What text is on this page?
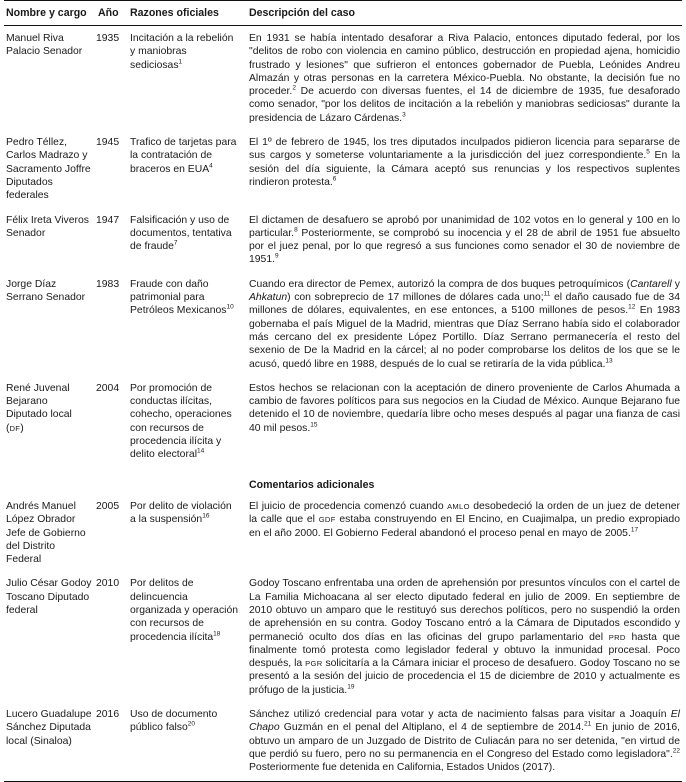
Nombre y cargo	Año	Razones oficiales	Descripción del caso
Manuel Riva Palacio Senador	1935	Incitación a la rebelión y maniobras sediciosas$^1$	En 1931 se había intentado desaforar a Riva Palacio, entonces diputado federal, por los "delitos de robo con violencia en camino público, destrucción en propiedad ajena, homicidio frustrado y lesiones" que sufrieron el entonces gobernador de Puebla, Leónides Andreu Almazán y otras personas en la carretera México-Puebla. No obstante, la decisión fue no proceder.$^2$ De acuerdo con diversas fuentes, el 14 de diciembre de 1935, fue desaforado como senador, "por los delitos de incitación a la rebelión y maniobras sediciosas" durante la presidencia de Lázaro Cárdenas.$^3$
Pedro Téllez, Carlos Madrazo y Sacramento Joffre Diputados federales	1945	Trafico de tarjetas para la contratación de braceros en EUA$^4$	El 1º de febrero de 1945, los tres diputados inculpados pidieron licencia para separarse de sus cargos y someterse voluntariamente a la jurisdicción del juez correspondiente.$^5$ En la sesión del día siguiente, la Cámara aceptó sus renuncias y los respectivos suplentes rindieron protesta.$^6$
Félix Ireta Viveros Senador	1947	Falsificación y uso de documentos, tentativa de fraude$^7$	El dictamen de desafuero se aprobó por unanimidad de 102 votos en lo general y 100 en lo particular.$^8$ Posteriormente, se comprobó su inocencia y el 28 de abril de 1951 fue absuelto por el juez penal, por lo que regresó a sus funciones como senador el 30 de noviembre de 1951.$^9$
Jorge Díaz Serrano Senador	1983	Fraude con daño patrimonial para Petróleos Mexicanos$^{10}$	Cuando era director de Pemex, autorizó la compra de dos buques petroquímicos (Cantarell y Ahkatun) con sobreprecio de 17 millones de dólares cada uno;$^{11}$ el daño causado fue de 34 millones de dólares, equivalentes, en ese entonces, a 5100 millones de pesos.$^{12}$ En 1983 gobernaba el país Miguel de la Madrid, mientras que Díaz Serrano había sido el colaborador más cercano del ex presidente López Portillo. Díaz Serrano permanecería el resto del sexenio de De la Madrid en la cárcel; al no poder comprobarse los delitos de los que se le acusó, quedó libre en 1988, después de lo cual se retiraría de la vida pública.$^{13}$
René Juvenal Bejarano Diputado local (DF)	2004	Por promoción de conductas ilícitas, cohecho, operaciones con recursos de procedencia ilícita y delito electoral$^{14}$	Estos hechos se relacionan con la aceptación de dinero proveniente de Carlos Ahumada a cambio de favores políticos para sus negocios en la Ciudad de México. Aunque Bejarano fue detenido el 10 de noviembre, quedaría libre ocho meses después al pagar una fianza de casi 40 mil pesos.$^{15}$
			Comentarios adicionales
Andrés Manuel López Obrador Jefe de Gobierno del Distrito Federal	2005	Por delito de violación a la suspensión$^{16}$	El juicio de procedencia comenzó cuando AMLO desobedeció la orden de un juez de detener la calle que el GDF estaba construyendo en El Encino, en Cuajimalpa, un predio expropiado en el año 2000. El Gobierno Federal abandonó el proceso penal en mayo de 2005.17
Julio César Godoy Toscano Diputado federal	2010	Por delitos de delincuencia organizada y operación con recursos de procedencia ilícita$^{18}$	Godoy Toscano enfrentaba una orden de aprehensión por presuntos vínculos con el cartel de La Familia Michoacana al ser electo diputado federal en julio de 2009. En septiembre de 2010 obtuvo un amparo que le restituyó sus derechos políticos, pero no suspendió la orden de aprehensión en su contra. Godoy Toscano entró a la Cámara de Diputados escondido y permaneció oculto dos días en las oficinas del grupo parlamentario del PRD hasta que finalmente tomó protesta como legislador federal y obtuvo la inmunidad procesal. Poco después, la PGR solicitaría a la Cámara iniciar el proceso de desafuero. Godoy Toscano no se presentó a la sesión del juicio de procedencia el 15 de diciembre de 2010 y actualmente es prófugo de la justicia.$^{19}$
Lucero Guadalupe Sánchez Diputada local (Sinaloa)	2016	Uso de documento público falso$^{20}$	Sánchez utilizó credencial para votar y acta de nacimiento falsas para visitar a Joaquín El Chapo Guzmán en el penal del Altiplano, el 4 de septiembre de 2014.21 En junio de 2016, obtuvo un amparo de un Juzgado de Distrito de Culiacán para no ser detenida, "en virtud de que perdió su fuero, pero no su permanencia en el Congreso del Estado como legisladora".$^{22}$ Posteriormente fue detenida en California, Estados Unidos (2017).
